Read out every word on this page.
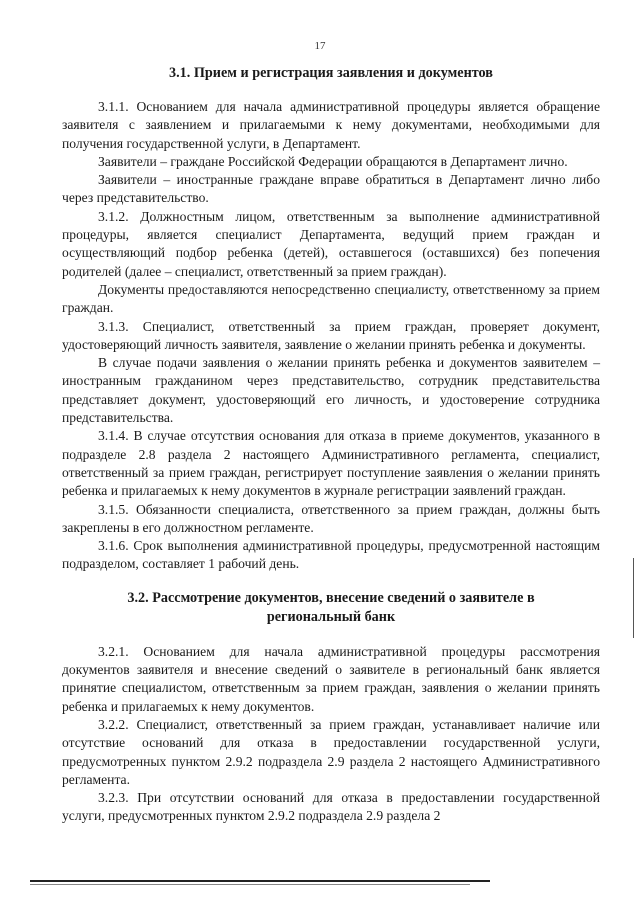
17
3.1. Прием и регистрация заявления и документов

3.1.1. Основанием для начала административной процедуры является обращение заявителя с заявлением и прилагаемыми к нему документами, необходимыми для получения государственной услуги, в Департамент.

Заявители – граждане Российской Федерации обращаются в Департамент лично.

Заявители – иностранные граждане вправе обратиться в Департамент лично либо через представительство.

3.1.2. Должностным лицом, ответственным за выполнение административной процедуры, является специалист Департамента, ведущий прием граждан и осуществляющий подбор ребенка (детей), оставшегося (оставшихся) без попечения родителей (далее – специалист, ответственный за прием граждан).

Документы предоставляются непосредственно специалисту, ответственному за прием граждан.

3.1.3. Специалист, ответственный за прием граждан, проверяет документ, удостоверяющий личность заявителя, заявление о желании принять ребенка и документы.

В случае подачи заявления о желании принять ребенка и документов заявителем – иностранным гражданином через представительство, сотрудник представительства представляет документ, удостоверяющий его личность, и удостоверение сотрудника представительства.

3.1.4. В случае отсутствия основания для отказа в приеме документов, указанного в подразделе 2.8 раздела 2 настоящего Административного регламента, специалист, ответственный за прием граждан, регистрирует поступление заявления о желании принять ребенка и прилагаемых к нему документов в журнале регистрации заявлений граждан.

3.1.5. Обязанности специалиста, ответственного за прием граждан, должны быть закреплены в его должностном регламенте.

3.1.6. Срок выполнения административной процедуры, предусмотренной настоящим подразделом, составляет 1 рабочий день.

3.2. Рассмотрение документов, внесение сведений о заявителе в региональный банк

3.2.1. Основанием для начала административной процедуры рассмотрения документов заявителя и внесение сведений о заявителе в региональный банк является принятие специалистом, ответственным за прием граждан, заявления о желании принять ребенка и прилагаемых к нему документов.

3.2.2. Специалист, ответственный за прием граждан, устанавливает наличие или отсутствие оснований для отказа в предоставлении государственной услуги, предусмотренных пунктом 2.9.2 подраздела 2.9 раздела 2 настоящего Административного регламента.

3.2.3. При отсутствии оснований для отказа в предоставлении государственной услуги, предусмотренных пунктом 2.9.2 подраздела 2.9 раздела 2
